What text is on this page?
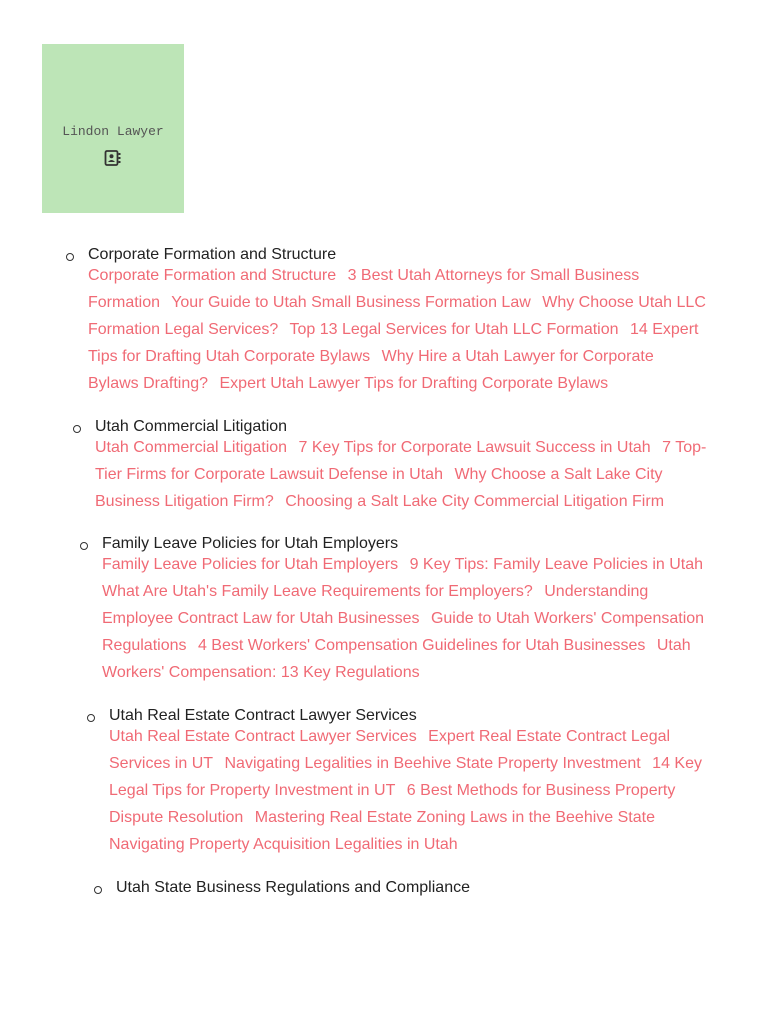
Lindon Lawyer
Corporate Formation and Structure
Corporate Formation and Structure 3 Best Utah Attorneys for Small Business Formation Your Guide to Utah Small Business Formation Law Why Choose Utah LLC Formation Legal Services? Top 13 Legal Services for Utah LLC Formation 14 Expert Tips for Drafting Utah Corporate Bylaws Why Hire a Utah Lawyer for Corporate Bylaws Drafting? Expert Utah Lawyer Tips for Drafting Corporate Bylaws
Utah Commercial Litigation
Utah Commercial Litigation 7 Key Tips for Corporate Lawsuit Success in Utah 7 Top-Tier Firms for Corporate Lawsuit Defense in Utah Why Choose a Salt Lake City Business Litigation Firm? Choosing a Salt Lake City Commercial Litigation Firm
Family Leave Policies for Utah Employers
Family Leave Policies for Utah Employers 9 Key Tips: Family Leave Policies in Utah What Are Utah's Family Leave Requirements for Employers? Understanding Employee Contract Law for Utah Businesses Guide to Utah Workers' Compensation Regulations 4 Best Workers' Compensation Guidelines for Utah Businesses Utah Workers' Compensation: 13 Key Regulations
Utah Real Estate Contract Lawyer Services
Utah Real Estate Contract Lawyer Services Expert Real Estate Contract Legal Services in UT Navigating Legalities in Beehive State Property Investment 14 Key Legal Tips for Property Investment in UT 6 Best Methods for Business Property Dispute Resolution Mastering Real Estate Zoning Laws in the Beehive State Navigating Property Acquisition Legalities in Utah
Utah State Business Regulations and Compliance
